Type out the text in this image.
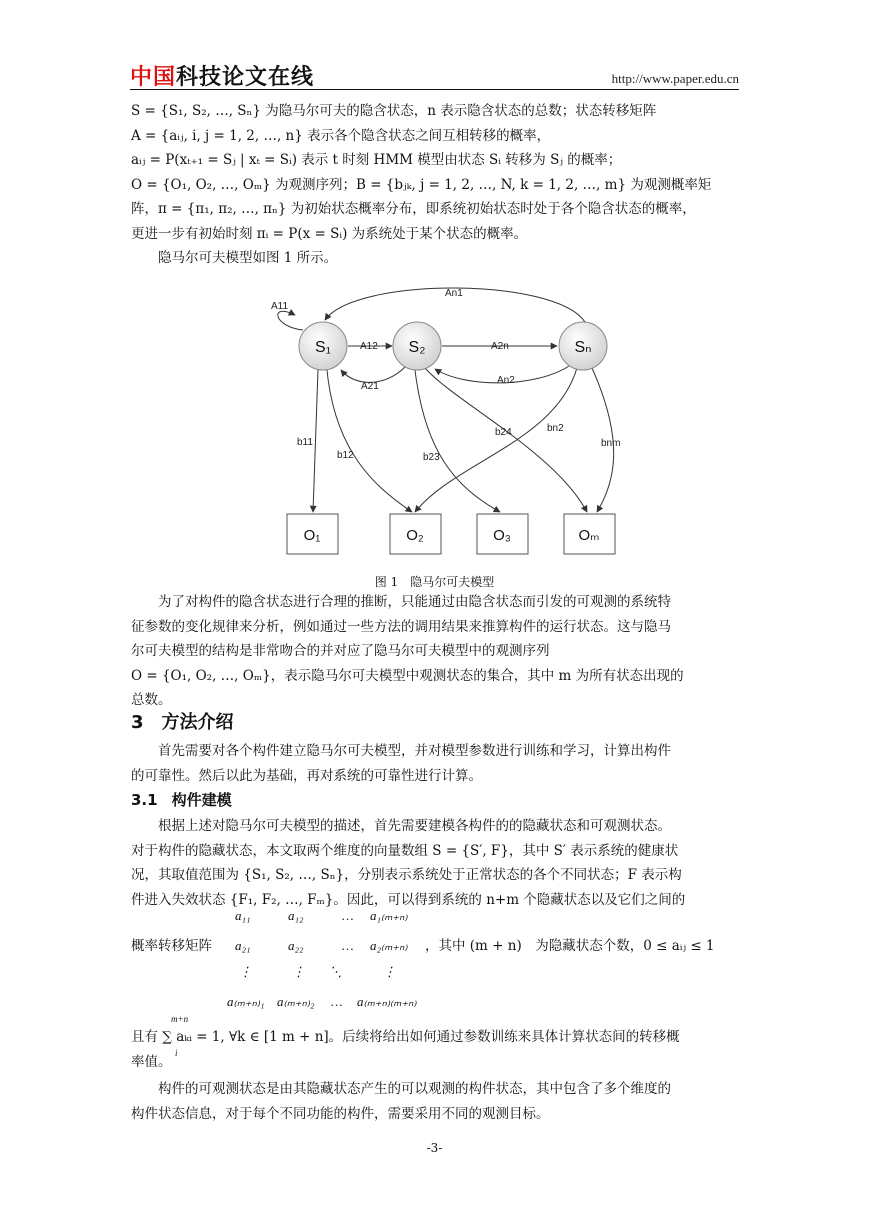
中国科技论文在线	http://www.paper.edu.cn

S = {S₁, S₂, …, Sₙ} 为隐马尔可夫的隐含状态，n 表示隐含状态的总数；状态转移矩阵

A = {aᵢⱼ, i, j = 1, 2, …, n} 表示各个隐含状态之间互相转移的概率，

aᵢⱼ = P(xₜ₊₁ = Sⱼ | xₜ = Sᵢ) 表示 t 时刻 HMM 模型由状态 Sᵢ 转移为 Sⱼ 的概率；

O = {O₁, O₂, …, Oₘ} 为观测序列；B = {bⱼₖ, j = 1, 2, …, N, k = 1, 2, …, m} 为观测概率矩

阵，π = {π₁, π₂, …, πₙ} 为初始状态概率分布，即系统初始状态时处于各个隐含状态的概率，

更进一步有初始时刻 πᵢ = P(x = Sᵢ) 为系统处于某个状态的概率。

隐马尔可夫模型如图 1 所示。

A11
An1
A12	A2n
A21
An2
b11
b12	b23
b24	bn2
bnm
S₁	S₂	Sₙ
O₁	O₂	O₃	Oₘ
图 1　隐马尔可夫模型

为了对构件的隐含状态进行合理的推断，只能通过由隐含状态而引发的可观测的系统特

征参数的变化规律来分析，例如通过一些方法的调用结果来推算构件的运行状态。这与隐马

尔可夫模型的结构是非常吻合的并对应了隐马尔可夫模型中的观测序列

O = {O₁, O₂, …, Oₘ}，表示隐马尔可夫模型中观测状态的集合，其中 m 为所有状态出现的

总数。

3 方法介绍

首先需要对各个构件建立隐马尔可夫模型，并对模型参数进行训练和学习，计算出构件

的可靠性。然后以此为基础，再对系统的可靠性进行计算。

3.1 构件建模

根据上述对隐马尔可夫模型的描述，首先需要建模各构件的的隐藏状态和可观测状态。

对于构件的隐藏状态，本文取两个维度的向量数组 S = {S′, F}，其中 S′ 表示系统的健康状

况，其取值范围为 {S₁, S₂, …, Sₙ}，分别表示系统处于正常状态的各个不同状态；F 表示构

件进入失效状态 {F₁, F₂, …, Fₘ}。因此，可以得到系统的 n+m 个隐藏状态以及它们之间的

概率转移矩阵
a₁₁	a₁₂	… a₁₍ₘ₊ₙ₎
a₂₁	a₂₂	… a₂₍ₘ₊ₙ₎
⋮	⋮ ⋱	⋮
a₍ₘ₊ₙ₎₁ a₍ₘ₊ₙ₎₂ … a₍ₘ₊ₙ₎₍ₘ₊ₙ₎
，其中 (m + n)　为隐藏状态个数，0 ≤ aᵢⱼ ≤ 1
m+n
i

且有 ∑ aₖᵢ = 1, ∀k ∈ [1 m + n]。后续将给出如何通过参数训练来具体计算状态间的转移概

率值。

构件的可观测状态是由其隐藏状态产生的可以观测的构件状态，其中包含了多个维度的

构件状态信息，对于每个不同功能的构件，需要采用不同的观测目标。

-3-
